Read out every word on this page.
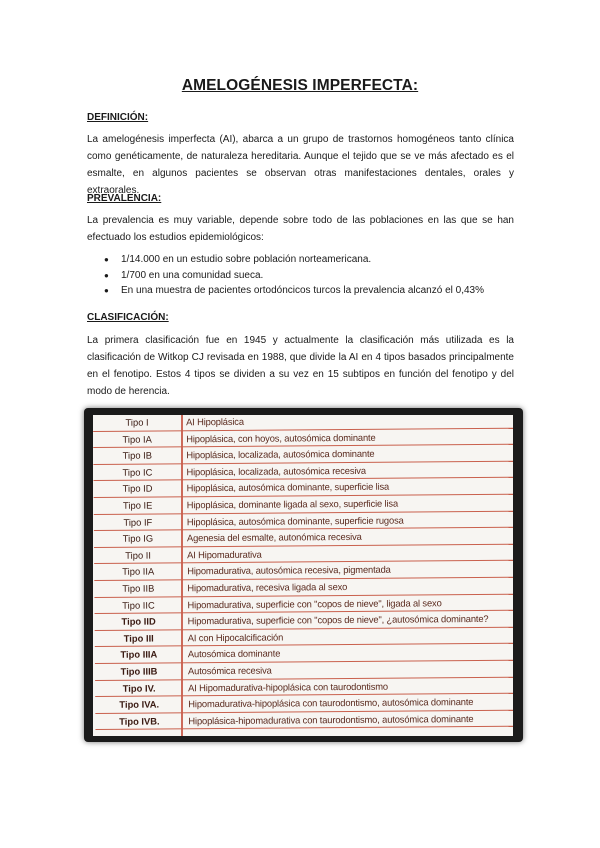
AMELOGÉNESIS IMPERFECTA:
DEFINICIÓN:
La amelogénesis imperfecta (AI), abarca a un grupo de trastornos homogéneos tanto clínica como genéticamente, de naturaleza hereditaria. Aunque el tejido que se ve más afectado es el esmalte, en algunos pacientes se observan otras manifestaciones dentales, orales y extraorales.
PREVALENCIA:
La prevalencia es muy variable, depende sobre todo de las poblaciones en las que se han efectuado los estudios epidemiológicos:
● 1/14.000 en un estudio sobre población norteamericana.
● 1/700 en una comunidad sueca.
● En una muestra de pacientes ortodóncicos turcos la prevalencia alcanzó el 0,43%
CLASIFICACIÓN:
La primera clasificación fue en 1945 y actualmente la clasificación más utilizada es la clasificación de Witkop CJ revisada en 1988, que divide la AI en 4 tipos basados principalmente en el fenotipo. Estos 4 tipos se dividen a su vez en 15 subtipos en función del fenotipo y del modo de herencia.
Tipo I	AI Hipoplásica
Tipo IA	Hipoplásica, con hoyos, autosómica dominante
Tipo IB	Hipoplásica, localizada, autosómica dominante
Tipo IC	Hipoplásica, localizada, autosómica recesiva
Tipo ID	Hipoplásica, autosómica dominante, superficie lisa
Tipo IE	Hipoplásica, dominante ligada al sexo, superficie lisa
Tipo IF	Hipoplásica, autosómica dominante, superficie rugosa
Tipo IG	Agenesia del esmalte, autonómica recesiva
Tipo II	AI Hipomadurativa
Tipo IIA	Hipomadurativa, autosómica recesiva, pigmentada
Tipo IIB	Hipomadurativa, recesiva ligada al sexo
Tipo IIC	Hipomadurativa, superficie con "copos de nieve", ligada al sexo
Tipo IID	Hipomadurativa, superficie con "copos de nieve", ¿autosómica dominante?
Tipo III	AI con Hipocalcificación
Tipo IIIA	Autosómica dominante
Tipo IIIB	Autosómica recesiva
Tipo IV.	AI Hipomadurativa-hipoplásica con taurodontismo
Tipo IVA.	Hipomadurativa-hipoplásica con taurodontismo, autosómica dominante
Tipo IVB.	Hipoplásica-hipomadurativa con taurodontismo, autosómica dominante
